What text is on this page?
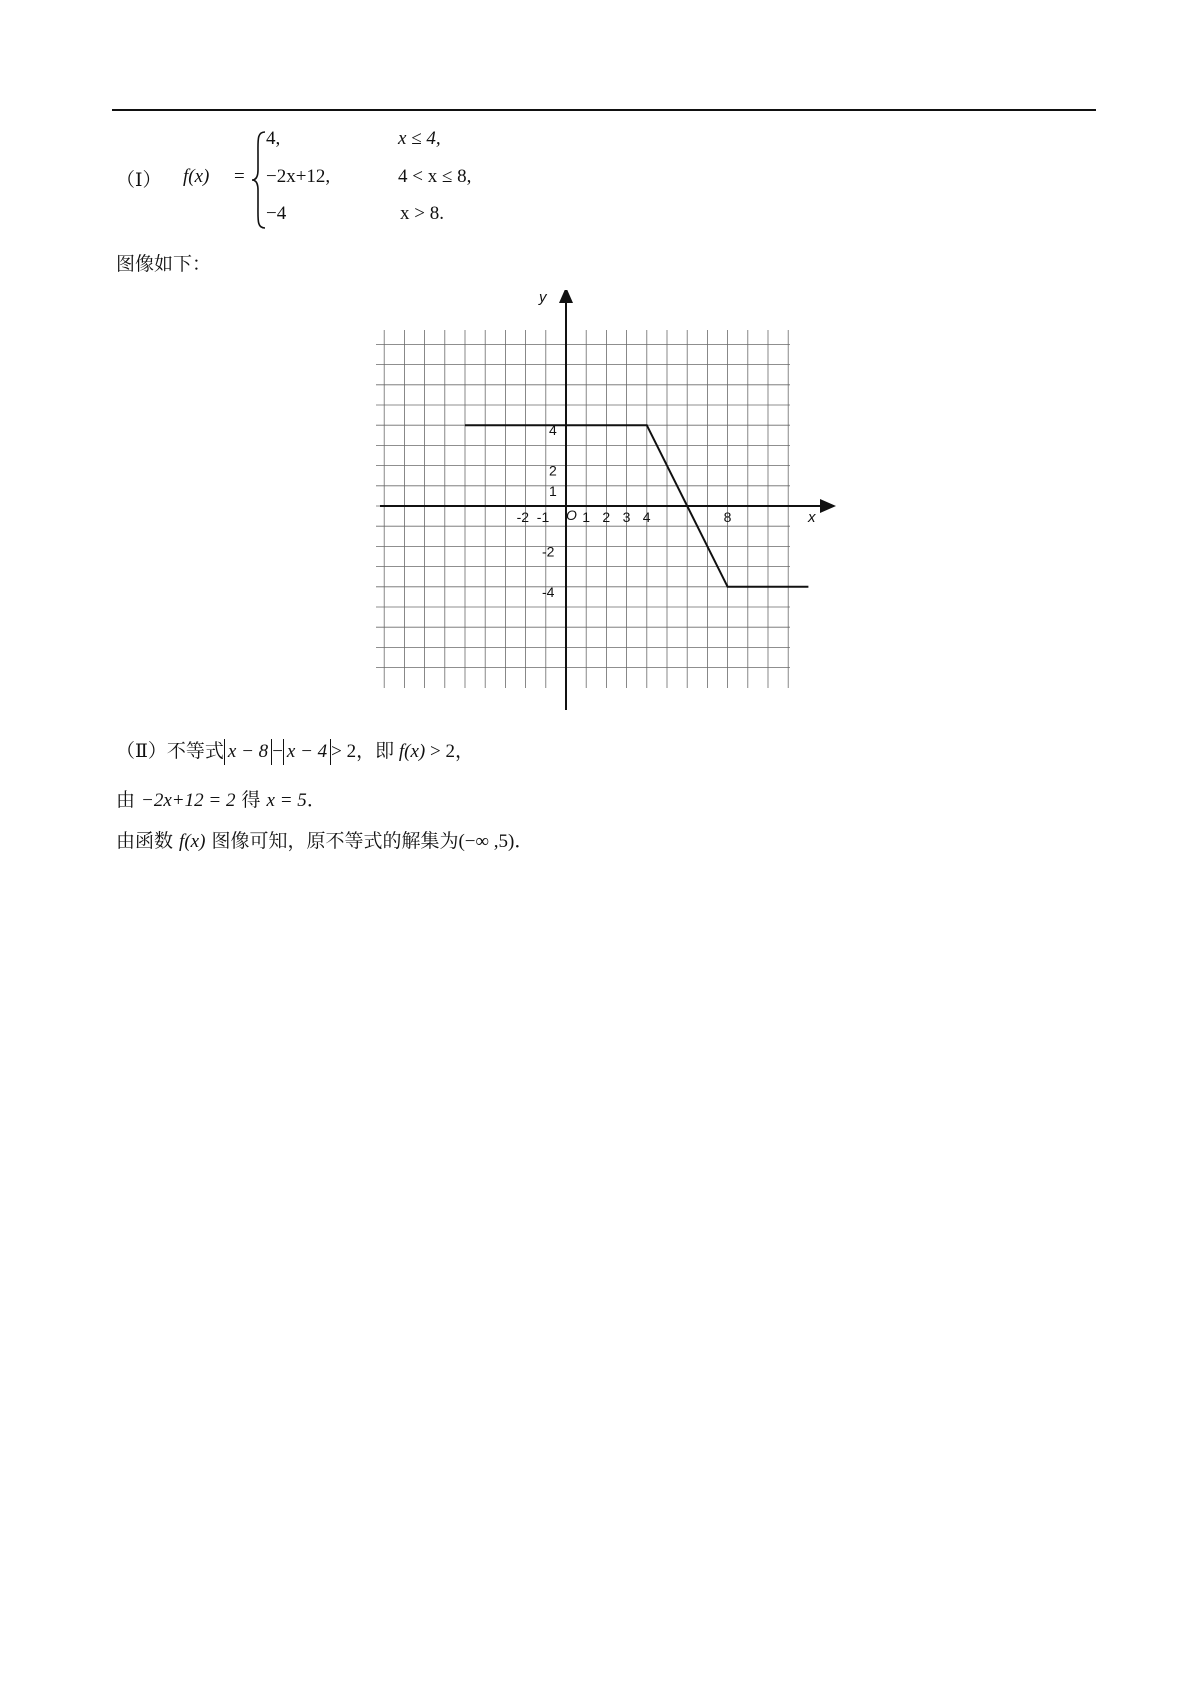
（Ⅰ） f(x) =
4,	x ≤ 4,
−2x+12,	4 < x ≤ 8,
−4	x > 8.
图像如下：
x
y
O
-2 -1 1 2 3 4	8
4
2
1
-2
-4
（Ⅱ）不等式 x − 8 − x − 4 > 2，即 f(x) > 2，
由 −2x+12 = 2 得 x = 5．
由函数 f(x) 图像可知，原不等式的解集为(−∞ ,5)．
